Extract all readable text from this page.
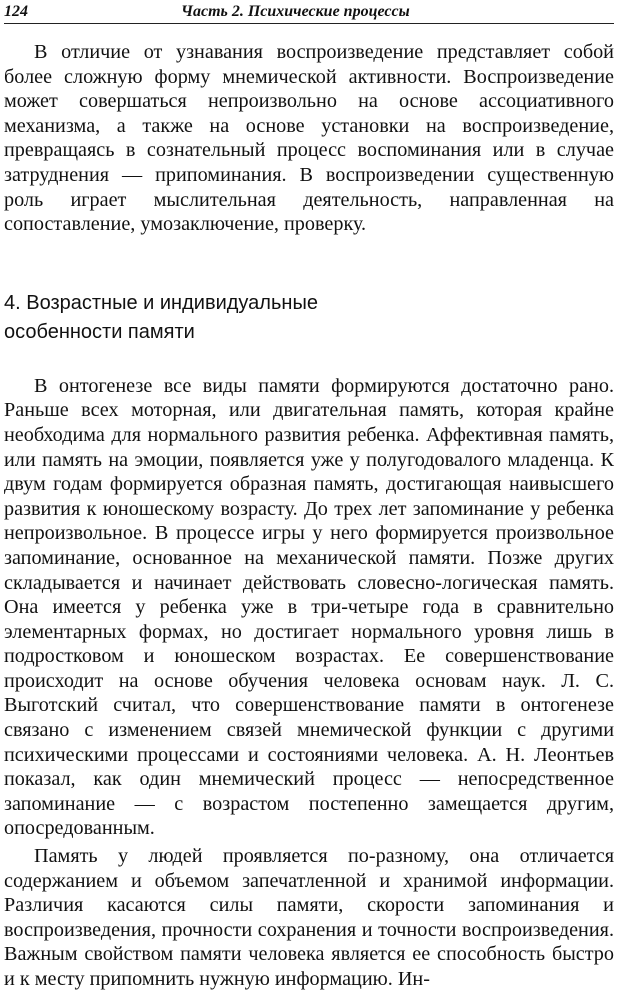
124	Часть 2. Психические процессы

В отличие от узнавания воспроизведение представляет собой более сложную форму мнемической активности. Воспроизведение может совершаться непроизвольно на основе ассоциативного механизма, а также на основе установки на воспроизведение, превращаясь в сознательный процесс воспоминания или в случае затруднения — припоминания. В воспроизведении существенную роль играет мыслительная деятельность, направленная на сопоставление, умозаключение, проверку.

4. Возрастные и индивидуальные
особенности памяти

В онтогенезе все виды памяти формируются достаточно рано. Раньше всех моторная, или двигательная память, которая крайне необходима для нормального развития ребенка. Аффективная память, или память на эмоции, появляется уже у полугодовалого младенца. К двум годам формируется образная память, достигающая наивысшего развития к юношескому возрасту. До трех лет запоминание у ребенка непроизвольное. В процессе игры у него формируется произвольное запоминание, основанное на механической памяти. Позже других складывается и начинает действовать словесно-логическая память. Она имеется у ребенка уже в три-четыре года в сравнительно элементарных формах, но достигает нормального уровня лишь в подростковом и юношеском возрастах. Ее совершенствование происходит на основе обучения человека основам наук. Л. С. Выготский считал, что совершенствование памяти в онтогенезе связано с изменением связей мнемической функции с другими психическими процессами и состояниями человека. А. Н. Леонтьев показал, как один мнемический процесс — непосредственное запоминание — с возрастом постепенно замещается другим, опосредованным.

Память у людей проявляется по-разному, она отличается содержанием и объемом запечатленной и хранимой информации. Различия касаются силы памяти, скорости запоминания и воспроизведения, прочности сохранения и точности воспроизведения. Важным свойством памяти человека является ее способность быстро и к месту припомнить нужную информацию. Ин-
